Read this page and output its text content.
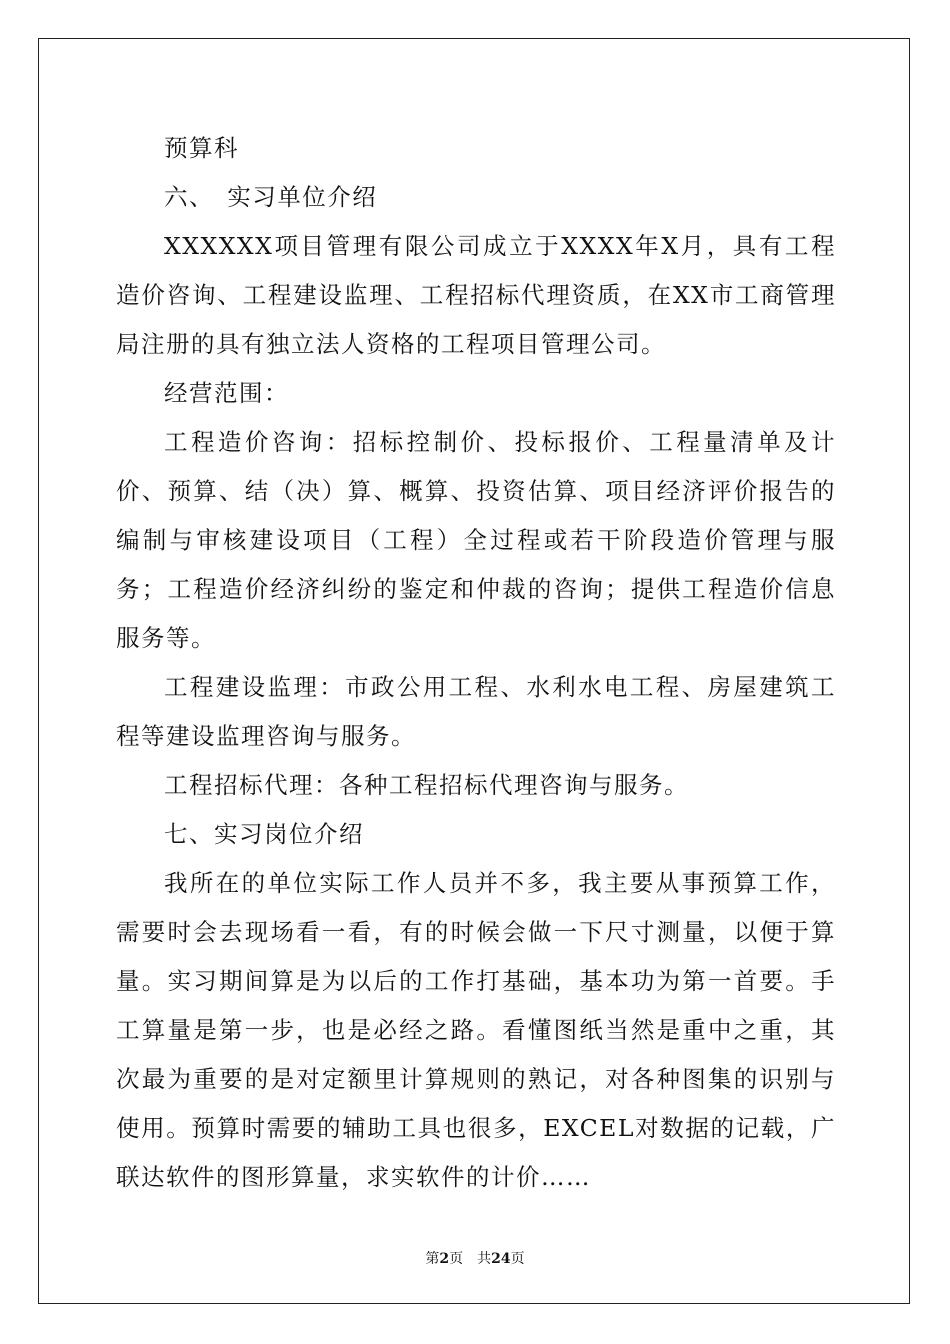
预算科

六、　实习单位介绍

XXXXXX项目管理有限公司成立于XXXX年X月，具有工程造价咨询、工程建设监理、工程招标代理资质，在XX市工商管理局注册的具有独立法人资格的工程项目管理公司。

经营范围：

工程造价咨询：招标控制价、投标报价、工程量清单及计价、预算、结（决）算、概算、投资估算、项目经济评价报告的编制与审核建设项目（工程）全过程或若干阶段造价管理与服务；工程造价经济纠纷的鉴定和仲裁的咨询；提供工程造价信息服务等。

工程建设监理：市政公用工程、水利水电工程、房屋建筑工程等建设监理咨询与服务。

工程招标代理：各种工程招标代理咨询与服务。

七、实习岗位介绍

我所在的单位实际工作人员并不多，我主要从事预算工作，需要时会去现场看一看，有的时候会做一下尺寸测量，以便于算量。实习期间算是为以后的工作打基础，基本功为第一首要。手工算量是第一步，也是必经之路。看懂图纸当然是重中之重，其次最为重要的是对定额里计算规则的熟记，对各种图集的识别与使用。预算时需要的辅助工具也很多，EXCEL对数据的记载，广联达软件的图形算量，求实软件的计价……

第2页 共24页
